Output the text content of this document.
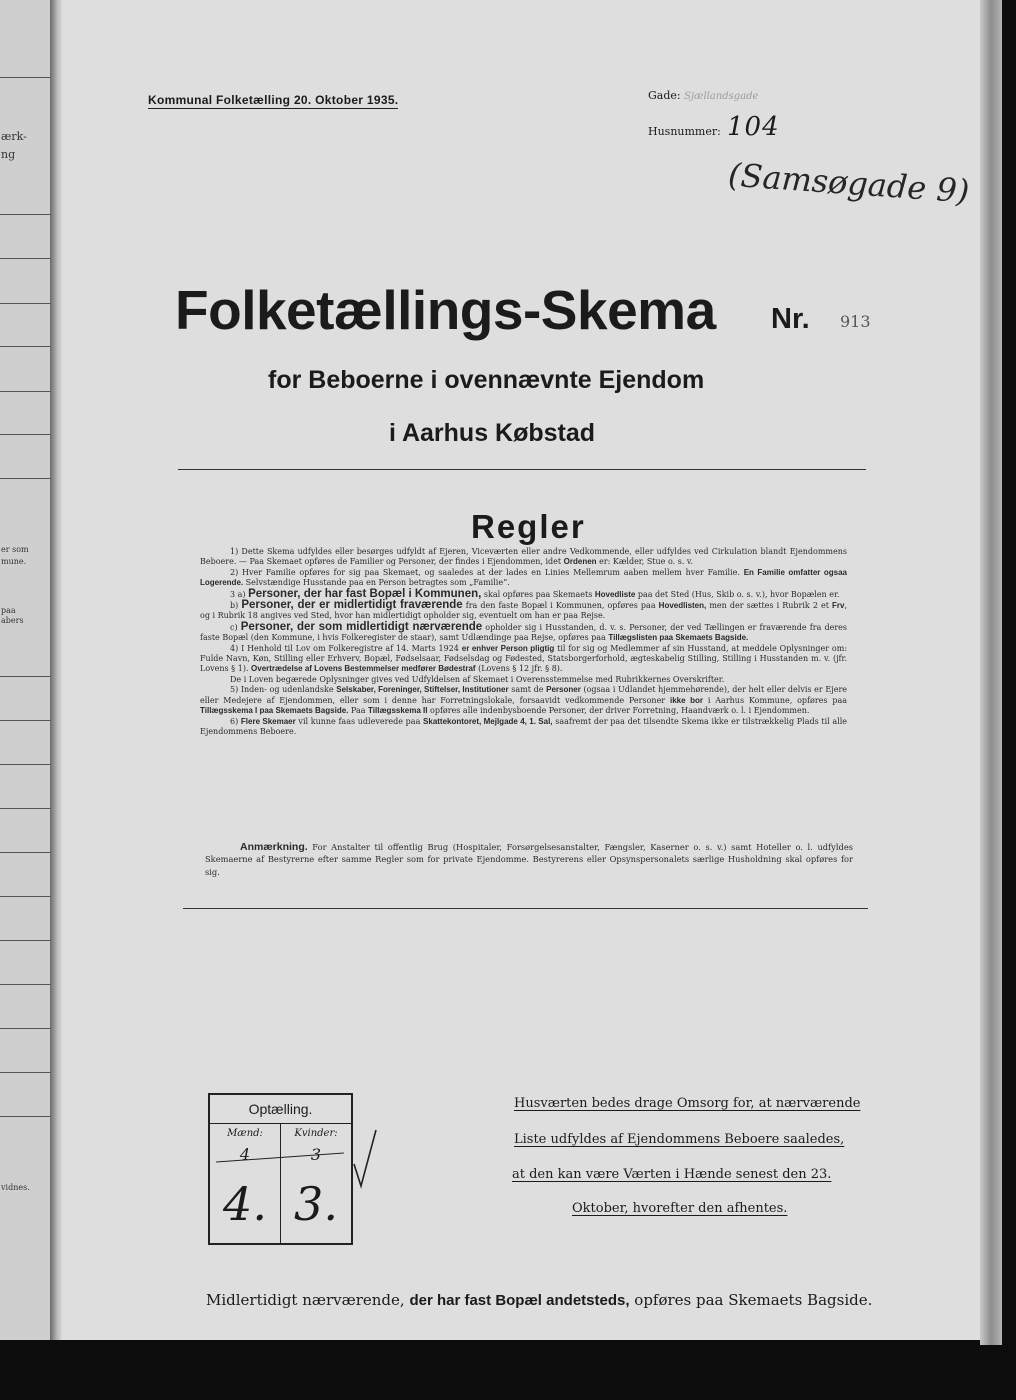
ærk-
ng
er som
mune.
paa
abers
vidnes.
Kommunal Folketælling 20. Oktober 1935.	Gade: Sjællandsgade
Husnummer: 104
(Samsøgade 9)
Folketællings-Skema Nr. 913
for Beboerne i ovennævnte Ejendom
i Aarhus Købstad
Regler

1) Dette Skema udfyldes eller besørges udfyldt af Ejeren, Viceværten eller andre Vedkommende, eller udfyldes ved Cirkulation blandt Ejendommens Beboere. — Paa Skemaet opføres de Familier og Personer, der findes i Ejendommen, idet Ordenen er: Kælder, Stue o. s. v.

2) Hver Familie opføres for sig paa Skemaet, og saaledes at der lades en Linies Mellemrum aaben mellem hver Familie. En Familie omfatter ogsaa Logerende. Selvstændige Husstande paa en Person betragtes som „Familie“.

3 a) Personer, der har fast Bopæl i Kommunen, skal opføres paa Skemaets Hovedliste paa det Sted (Hus, Skib o. s. v.), hvor Bopælen er.

b) Personer, der er midlertidigt fraværende fra den faste Bopæl i Kommunen, opføres paa Hovedlisten, men der sættes i Rubrik 2 et Frv, og i Rubrik 18 angives ved Sted, hvor han midlertidigt opholder sig, eventuelt om han er paa Rejse.

c) Personer, der som midlertidigt nærværende opholder sig i Husstanden, d. v. s. Personer, der ved Tællingen er fraværende fra deres faste Bopæl (den Kommune, i hvis Folkeregister de staar), samt Udlændinge paa Rejse, opføres paa Tillægslisten paa Skemaets Bagside.

4) I Henhold til Lov om Folkeregistre af 14. Marts 1924 er enhver Person pligtig til for sig og Medlemmer af sin Husstand, at meddele Oplysninger om: Fulde Navn, Køn, Stilling eller Erhverv, Bopæl, Fødselsaar, Fødselsdag og Fødested, Statsborgerforhold, ægteskabelig Stilling, Stilling i Husstanden m. v. (jfr. Lovens § 1). Overtrædelse af Lovens Bestemmelser medfører Bødestraf (Lovens § 12 jfr. § 8).

De i Loven begærede Oplysninger gives ved Udfyldelsen af Skemaet i Overensstemmelse med Rubrikkernes Overskrifter.

5) Inden- og udenlandske Selskaber, Foreninger, Stiftelser, Institutioner samt de Personer (ogsaa i Udlandet hjemmehørende), der helt eller delvis er Ejere eller Medejere af Ejendommen, eller som i denne har Forretningslokale, forsaavidt vedkommende Personer ikke bor i Aarhus Kommune, opføres paa Tillægsskema I paa Skemaets Bagside. Paa Tillægsskema II opføres alle indenbysboende Personer, der driver Forretning, Haandværk o. l. i Ejendommen.

6) Flere Skemaer vil kunne faas udleverede paa Skattekontoret, Mejlgade 4, 1. Sal, saafremt der paa det tilsendte Skema ikke er tilstrækkelig Plads til alle Ejendommens Beboere.

Anmærkning. For Anstalter til offentlig Brug (Hospitaler, Forsørgelsesanstalter, Fængsler, Kaserner o. s. v.) samt Hoteller o. l. udfyldes Skemaerne af Bestyrerne efter samme Regler som for private Ejendomme. Bestyrerens eller Opsynspersonalets særlige Husholdning skal opføres for sig.
Optælling.
Mænd:	Kvinder:
4
4. 3.
Husværten bedes drage Omsorg for, at nærværende
Liste udfyldes af Ejendommens Beboere saaledes,
at den kan være Værten i Hænde senest den 23.
Oktober, hvorefter den afhentes.
Midlertidigt nærværende, der har fast Bopæl andetsteds, opføres paa Skemaets Bagside.
